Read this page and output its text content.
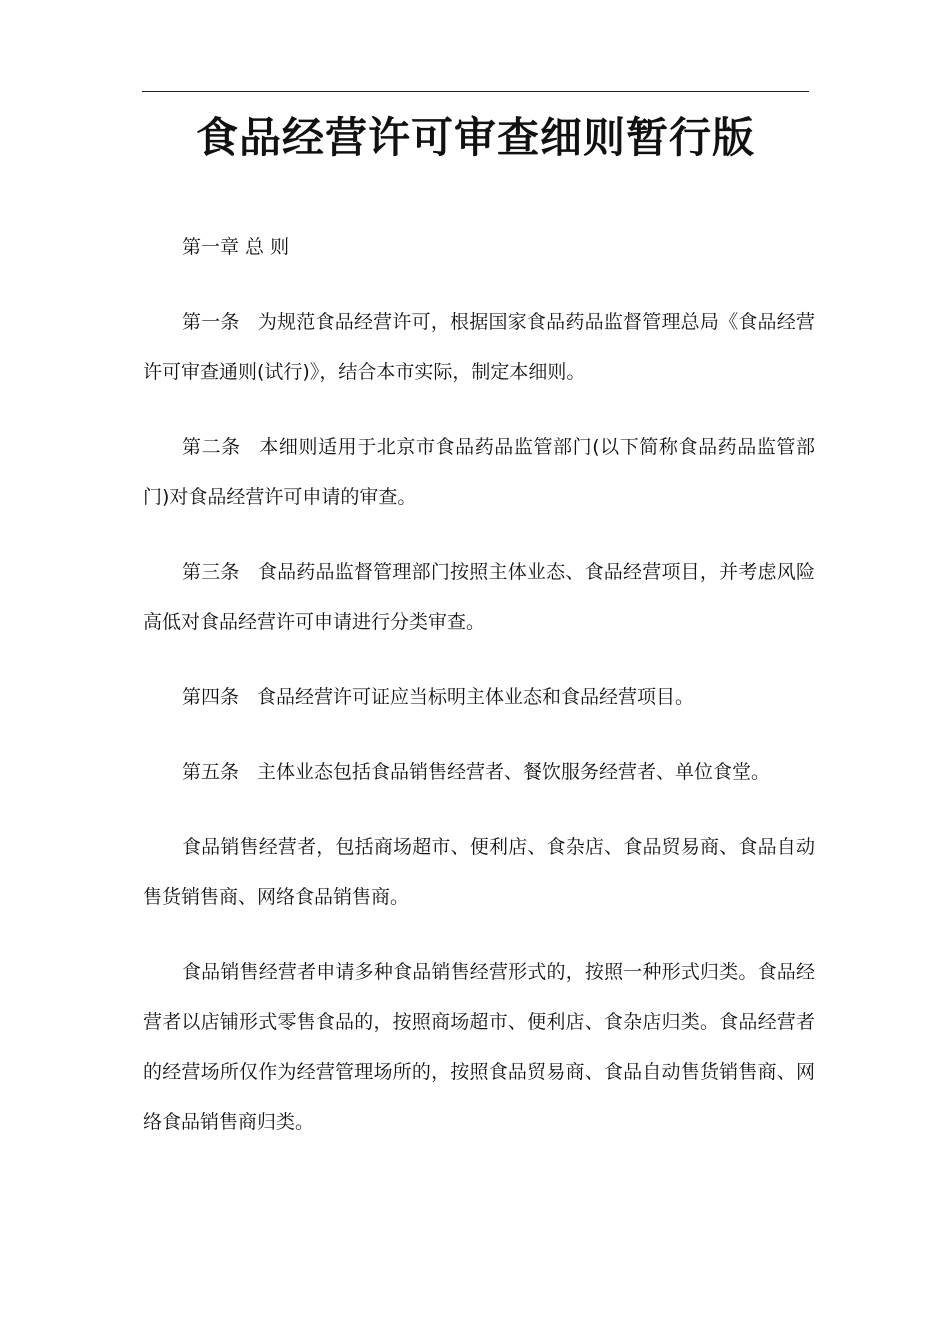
食品经营许可审查细则暂行版

第一章 总 则

第一条 为规范食品经营许可，根据国家食品药品监督管理总局《食品经营许可审查通则(试行)》，结合本市实际，制定本细则。

第二条 本细则适用于北京市食品药品监管部门(以下简称食品药品监管部门)对食品经营许可申请的审查。

第三条 食品药品监督管理部门按照主体业态、食品经营项目，并考虑风险高低对食品经营许可申请进行分类审查。

第四条 食品经营许可证应当标明主体业态和食品经营项目。

第五条 主体业态包括食品销售经营者、餐饮服务经营者、单位食堂。

食品销售经营者，包括商场超市、便利店、食杂店、食品贸易商、食品自动售货销售商、网络食品销售商。

食品销售经营者申请多种食品销售经营形式的，按照一种形式归类。食品经营者以店铺形式零售食品的，按照商场超市、便利店、食杂店归类。食品经营者的经营场所仅作为经营管理场所的，按照食品贸易商、食品自动售货销售商、网络食品销售商归类。
